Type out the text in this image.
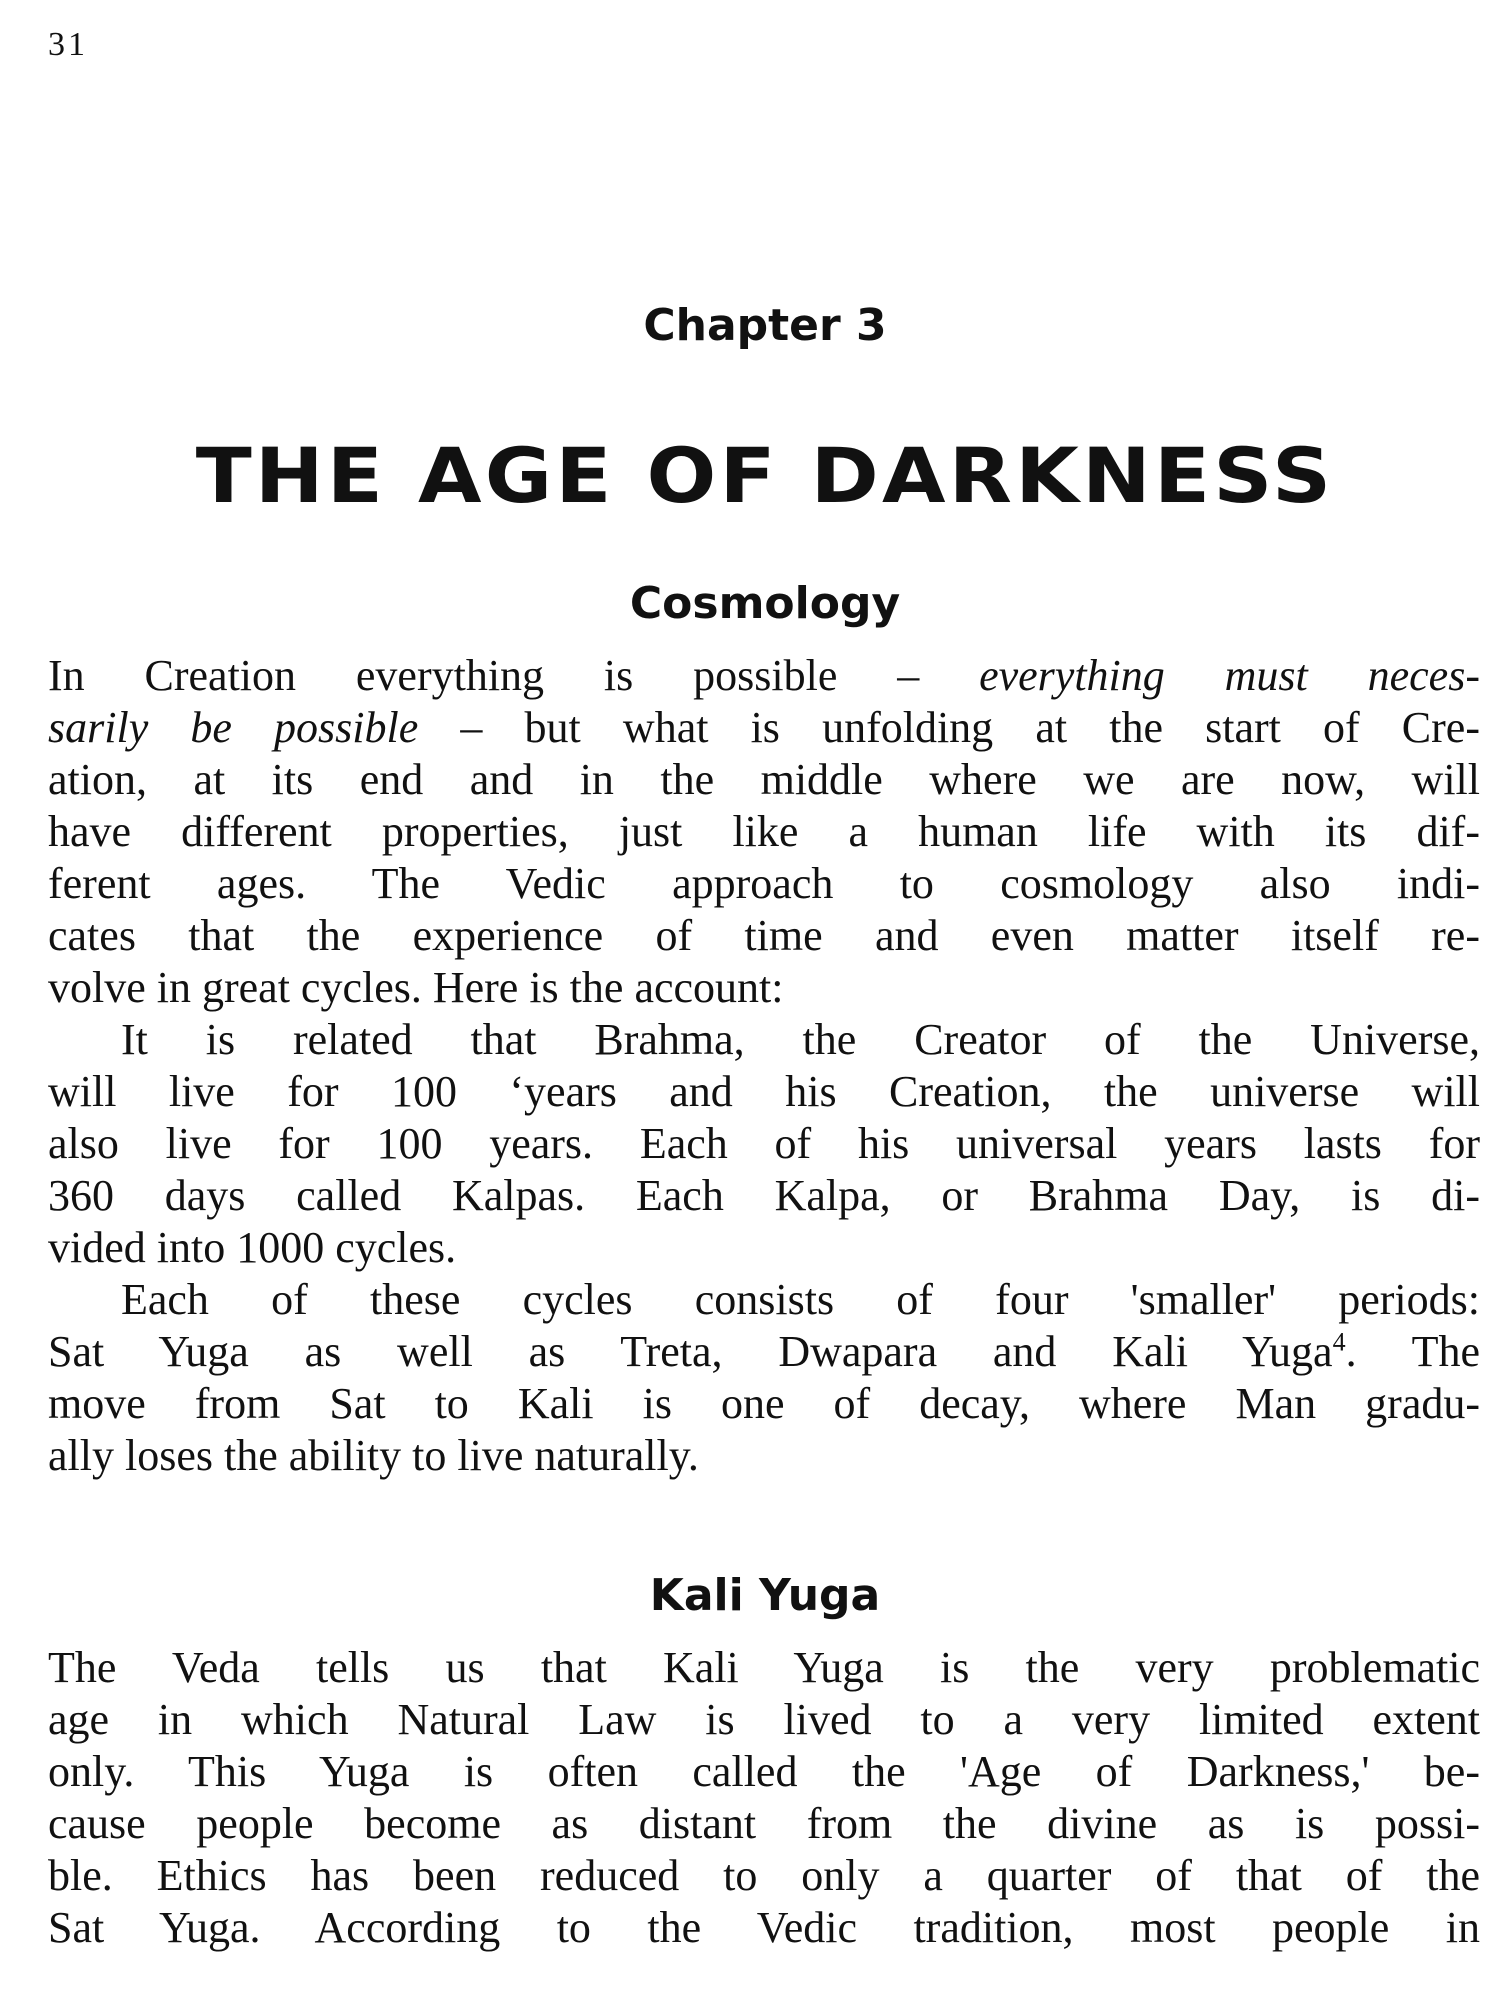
31
Chapter 3
THE AGE OF DARKNESS
Cosmology
In Creation everything is possible – everything must neces-
sarily be possible – but what is unfolding at the start of Cre-
ation, at its end and in the middle where we are now, will
have different properties, just like a human life with its dif-
ferent ages. The Vedic approach to cosmology also indi-
cates that the experience of time and even matter itself re-
volve in great cycles. Here is the account:
It is related that Brahma, the Creator of the Universe,
will live for 100 ‘years and his Creation, the universe will
also live for 100 years. Each of his universal years lasts for
360 days called Kalpas. Each Kalpa, or Brahma Day, is di-
vided into 1000 cycles.
Each of these cycles consists of four 'smaller' periods:
Sat Yuga as well as Treta, Dwapara and Kali Yuga$^4$. The
move from Sat to Kali is one of decay, where Man gradu-
ally loses the ability to live naturally.
Kali Yuga
The Veda tells us that Kali Yuga is the very problematic
age in which Natural Law is lived to a very limited extent
only. This Yuga is often called the 'Age of Darkness,' be-
cause people become as distant from the divine as is possi-
ble. Ethics has been reduced to only a quarter of that of the
Sat Yuga. According to the Vedic tradition, most people in
